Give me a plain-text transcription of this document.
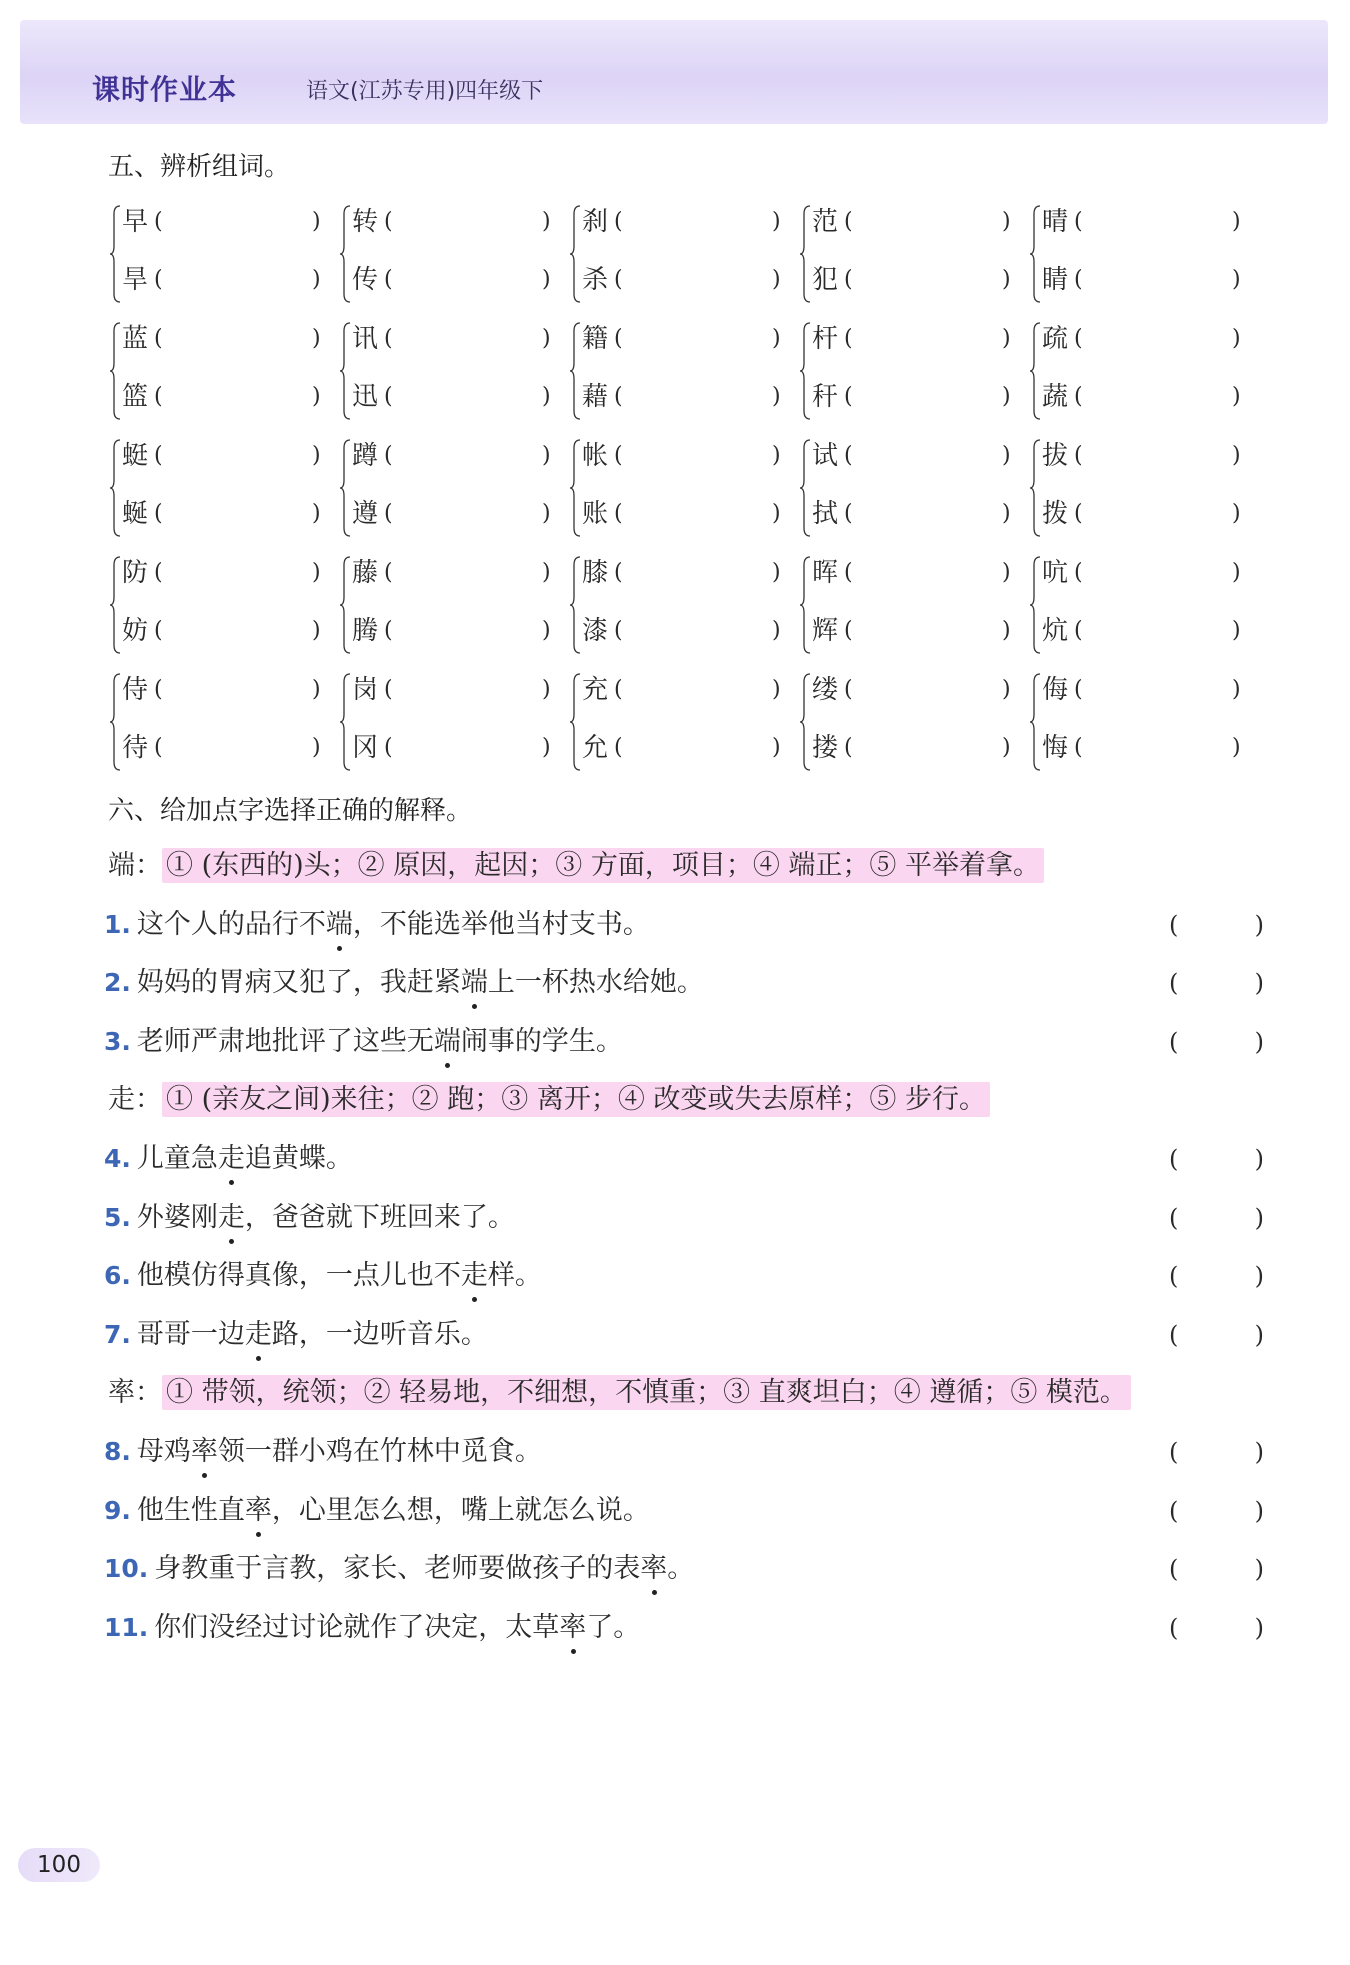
课时作业本	语文(江苏专用)四年级下
五、辨析组词。
早 (	)
旱 (	)
转 (	)
传 (	)
刹 (	)
杀 (	)
范 (	)
犯 (	)
晴 (	)
睛 (	)
蓝 (	)
篮 (	)
讯 (	)
迅 (	)
籍 (	)
藉 (	)
杆 (	)
秆 (	)
疏 (	)
蔬 (	)
蜓 (	)
蜒 (	)
蹲 (	)
遵 (	)
帐 (	)
账 (	)
试 (	)
拭 (	)
拔 (	)
拨 (	)
防 (	)
妨 (	)
藤 (	)
腾 (	)
膝 (	)
漆 (	)
晖 (	)
辉 (	)
吭 (	)
炕 (	)
侍 (	)
待 (	)
岗 (	)
冈 (	)
充 (	)
允 (	)
缕 (	)
搂 (	)
侮 (	)
悔 (	)
六、给加点字选择正确的解释。
端： ① (东西的)头；② 原因，起因；③ 方面，项目；④ 端正；⑤ 平举着拿。
1. 这个人的品行不端，不能选举他当村支书。	(	)
2. 妈妈的胃病又犯了，我赶紧端上一杯热水给她。	(	)
3. 老师严肃地批评了这些无端闹事的学生。	(	)
走： ① (亲友之间)来往；② 跑；③ 离开；④ 改变或失去原样；⑤ 步行。
4. 儿童急走追黄蝶。	(	)
5. 外婆刚走，爸爸就下班回来了。	(	)
6. 他模仿得真像，一点儿也不走样。	(	)
7. 哥哥一边走路，一边听音乐。	(	)
率： ① 带领，统领；② 轻易地，不细想，不慎重；③ 直爽坦白；④ 遵循；⑤ 模范。
8. 母鸡率领一群小鸡在竹林中觅食。	(	)
9. 他生性直率，心里怎么想，嘴上就怎么说。	(	)
10. 身教重于言教，家长、老师要做孩子的表率。	(	)
11. 你们没经过讨论就作了决定，太草率了。	(	)
100
